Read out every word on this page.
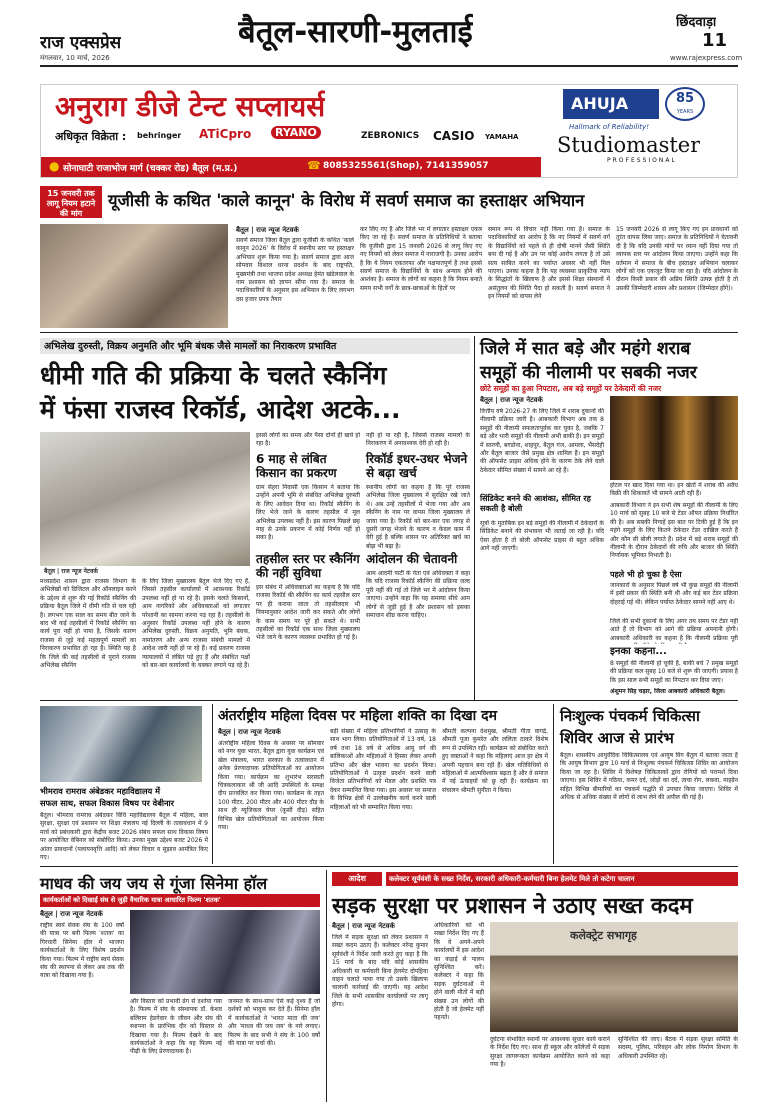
राज एक्सप्रेस
मंगलवार, 10 मार्च, 2026
बैतूल-सारणी-मुलताई	छिंदवाड़ा
11
www.rajexpress.com
अनुराग डीजे टेन्ट सप्लायर्स
अधिकृत विक्रेता : behringer ATiCpro	RYANO	ZEBRONICS CASIO YAMAHA
AHUJA	85
YEARS
Hallmark of Reliability!
Studiomaster
PROFESSIONAL
● सोनाघाटी राजाभोज मार्ग (चक्कर रोड) बैतूल (म.प्र.)	☎ 8085325561(Shop), 7141359057
15 जनवरी तक लागू नियम हटाने की मांग
यूजीसी के कथित 'काले कानून' के विरोध में सवर्ण समाज का हस्ताक्षर अभियान
बैतूल | राज न्यूज नेटवर्क
सवर्ण समाज जिला बैतूल द्वारा यूजीसी के कथित 'काले कानून 2026' के विरोध में स्थानीय स्तर पर हस्ताक्षर अभियान शुरू किया गया है। सवर्ण समाज द्वारा आज सोमवार विशाल धरना प्रदर्शन के बाद राष्ट्रपति, मुख्यमंत्री तथा भाजपा प्रदेश अध्यक्ष हेमंत खंडेलवाल के नाम प्रशासन को ज्ञापन सौंपा गया है। समाज के पदाधिकारियों के अनुसार इस अभियान के लिए लगभग दस हजार प्रपत्र तैयार
कर लिए गए हैं और जिले भर में लगातार हस्ताक्षर एकत्र किए जा रहे हैं। सवर्ण समाज के प्रतिनिधियों ने बताया कि यूजीसी द्वारा 15 जनवरी 2026 से लागू किए गए नए नियमों को लेकर समाज में नाराजगी है। उनका आरोप है कि ये नियम एकतरफा और पक्षपातपूर्ण हैं तथा इससे सवर्ण समाज के विद्यार्थियों के साथ अन्याय होने की आशंका है। समाज के लोगों का कहना है कि नियम बनाते समय सभी वर्गों के छात्र-छात्राओं के हितों पर
समान रूप से विचार नहीं किया गया है। समाज के पदाधिकारियों का आरोप है कि नए नियमों में सवर्ण वर्ग के विद्यार्थियों को पहले से ही दोषी मानने जैसी स्थिति बना दी गई है और उन पर कोई आरोप लगता है तो उसे सत्य साबित करने का पर्याप्त अवसर भी नहीं मिल पाएगा। उनका कहना है कि यह व्यवस्था प्राकृतिक न्याय के सिद्धांतों के खिलाफ है और इससे शिक्षा संस्थानों में असंतुलन की स्थिति पैदा हो सकती है। सवर्ण समाज ने इन नियमों को वापस लेने
15 जनवरी 2026 से लागू किए गए इन प्रावधानों को तुरंत वापस लिया जाए। समाज के प्रतिनिधियों ने चेतावनी दी है कि यदि उनकी मांगों पर ध्यान नहीं दिया गया तो व्यापक स्तर पर आंदोलन किया जाएगा। उन्होंने कहा कि वर्तमान में समाज के बीच हस्ताक्षर अभियान चलाकर लोगों को एक एकजुट किया जा रहा है। यदि आंदोलन के दौरान किसी प्रकार की अप्रिय स्थिति उत्पन्न होती है तो उसकी जिम्मेदारी शासन और प्रशासन (जिम्मेदार होंगे)।
अभिलेख दुरुस्ती, विक्रय अनुमति और भूमि बंधक जैसे मामलों का निराकरण प्रभावित
धीमी गति की प्रक्रिया के चलते स्कैनिंग
में फंसा राजस्व रिकॉर्ड, आदेश अटके...
बैतूल | राज न्यूज नेटवर्क
मध्यप्रदेश शासन द्वारा राजस्व विभाग के अभिलेखों को डिजिटल और ऑनलाइन करने के उद्देश्य से शुरू की गई रिकॉर्ड स्कैनिंग की प्रक्रिया बैतूल जिले में धीमी गति से चल रही है। लगभग एक साल का समय बीत जाने के बाद भी कई तहसीलों में रिकॉर्ड स्कैनिंग का कार्य पूरा नहीं हो पाया है, जिसके कारण राजस्व से जुड़े कई महत्वपूर्ण मामलों का निराकरण प्रभावित हो रहा है। स्थिति यह है कि जिले की कई तहसीलों से पुराने राजस्व अभिलेख स्कैनिंग
के लिए जिला मुख्यालय बैतूल भेजे दिए गए हैं, जिससे तहसील कार्यालयों में आवश्यक रिकॉर्ड उपलब्ध नहीं हो पा रहे हैं। इसके चलते किसानों, आम नागरिकों और अधिवक्ताओं को लगातार परेशानी का सामना करना पड़ रहा है। तहसीलों के अनुसार रिकॉर्ड उपलब्ध नहीं होने के कारण अभिलेख दुरुस्ती, विक्रय अनुमति, भूमि बंधक, नामांतरण और अन्य राजस्व संबंधी मामलों में आदेश जारी नहीं हो पा रहे हैं। कई प्रकरण राजस्व न्यायालयों में लंबित पड़े हुए हैं और संबंधित पक्षों को बार-बार कार्यालयों के चक्कर लगाने पड़ रहे हैं।
इससे लोगों का समय और पैसा दोनों ही खर्च हो रहा है।
6 माह से लंबित किसान का प्रकरण
ग्राम सेहरा निवासी एक किसान ने बताया कि उन्होंने अपनी भूमि से संबंधित अभिलेख दुरुस्ती के लिए आवेदन दिया था। रिकॉर्ड स्कैनिंग के लिए भेजे जाने के कारण तहसील में मूल अभिलेख उपलब्ध नहीं हैं। इस कारण पिछले छह माह से उनके प्रकरण में कोई निर्णय नहीं हो सका है।
तहसील स्तर पर स्कैनिंग की नहीं सुविधा
इस संबंध में अधिवक्ताओं का कहना है कि यदि राजस्व रिकॉर्ड की स्कैनिंग का कार्य तहसील स्तर पर ही कराया जाता तो तहसीलदार भी नियमानुसार आदेश जारी कर सकते और लोगों के काम समय पर पूरे हो सकते थे। सभी तहसीलों का रिकॉर्ड एक साथ जिला मुख्यालय भेजे जाने के कारण व्यवस्था प्रभावित हो गई है।
नहीं हो पा रही है, जिससे राजस्व मामलों के निराकरण में अनावश्यक देरी हो रही है।
रिकॉर्ड इधर-उधर भेजने से बढ़ा खर्च
स्थानीय लोगों का कहना है कि पूरे राजस्व अभिलेख जिला मुख्यालय में सुरक्षित रखे जाते थे। अब उन्हें तहसीलों में भेजा गया और अब स्कैनिंग के नाम पर वापस जिला मुख्यालय ले जाया गया है। रिकॉर्ड को बार-बार एक जगह से दूसरी जगह भेजने के कारण न केवल काम में देरी हुई है बल्कि शासन पर अतिरिक्त खर्च का बोझ भी बढ़ा है।
आंदोलन की चेतावनी
आम आदमी पार्टी के नेता एवं अधिवक्ता ने कहा कि यदि राजस्व रिकॉर्ड स्कैनिंग की प्रक्रिया जल्द पूरी नहीं की गई तो जिले भर में आंदोलन किया जाएगा। उन्होंने कहा कि यह समस्या सीधे आम लोगों से जुड़ी हुई है और प्रशासन को इसका समाधान शीघ्र करना चाहिए।
जिले में सात बड़े और महंगे शराब
समूहों की नीलामी पर सबकी नजर
छोटे समूहों का हुआ निपटारा, अब बड़े समूहों पर ठेकेदारों की नजर
बैतूल | राज न्यूज नेटवर्क
वित्तीय वर्ष 2026-27 के लिए जिले में शराब दुकानों की नीलामी प्रक्रिया जारी है। आबकारी विभाग अब तक 8 समूहों की नीलामी सफलतापूर्वक कर चुका है, जबकि 7 बड़े और भारी समूहों की नीलामी अभी बाकी है। इन समूहों में सारणी, बगडोना, शाहपुर, बैतूल गंज, आमला, भैंसदेही और बैतूल बाजार जैसे प्रमुख क्षेत्र शामिल हैं। इन समूहों की ऑफसेट प्राइस अधिक होने के कारण ठेके लेने वाले ठेकेदार सीमित संख्या में सामने आ रहे हैं।
सिंडिकेट बनने की आशंका, सीमित रह सकती है बोली
सूत्रों के मुताबिक इन बड़े समूहों की नीलामी में ठेकेदारों के सिंडिकेट बनाने की संभावना भी जताई जा रही है। यदि ऐसा होता है तो बोली ऑफसेट प्राइस से बहुत अधिक आगे नहीं जाएगी।
होटल पर खाद दिया गया था। इन खेतों में शराब की अवैध बिक्री की शिकायतें भी सामने आती रही हैं।
आबकारी विभाग ने इन सभी शेष समूहों की नीलामी के लिए 10 मार्च को सुबह 10 बजे से टेंडर ऑफर प्रक्रिया निर्धारित की है। अब सबकी निगाहें इस बात पर टिकी हुई हैं कि इन महंगे समूहों के लिए कितने ठेकेदार टेंडर दाखिल करते हैं और कौन सी बोली लगाते हैं। प्रदेश में बड़े शराब समूहों की नीलामी के दौरान ठेकेदारों की रुचि और बाजार की स्थिति निर्णायक भूमिका निभाती है।
पहले भी हो चुका है ऐसा
जानकारों के अनुसार पिछले वर्ष भी कुछ समूहों की नीलामी में इसी प्रकार की स्थिति बनी थी और कई बार टेंडर प्रक्रिया दोहराई गई थी। लेकिन पर्याप्त ठेकेदार सामने नहीं आए थे।
जिले की सभी दुकानों के लिए अगर तय समय पर टेंडर नहीं आते हैं तो विभाग को आगे की प्रक्रिया अपनानी होगी। आबकारी अधिकारी का कहना है कि नीलामी प्रक्रिया पूरी
इनका कहना...
8 समूहों की नीलामी हो चुकी है, बाकी बचे 7 प्रमुख समूहों की प्रक्रिया कल सुबह 10 बजे से शुरू की जाएगी। प्रयास है कि इस साल सभी समूहों का निपटान कर दिया जाए।
अंशुमन सिंह चढ़ार, जिला आबकारी अधिकारी बैतूल।
भीमराव रामराव अंबेडकर महाविद्यालय में
सफल साथ, सफल विकास विषय पर वेबीनार
बैतूल। भीमराव रामराव अंबेडकर विधि महाविद्यालय बैतूल में महिला, बाल सुरक्षा, सुरक्षा एवं प्रशासन पर शिक्षा मंत्रालय नई दिल्ली के तत्वावधान में 9 मार्च को प्रबंधकारी द्वारा केंद्रीय बजट 2026 संबंध सफल साथ विकास विषय पर आयोजित वेबिनार को संबोधित किया। उनका मुख्य उद्देश्य बजट 2026 में आंतर प्रावधानों (पलायनवृत्ति आदि) को लेकर विचार व सुझाव आमंत्रित किए गए।
अंतर्राष्ट्रीय महिला दिवस पर महिला शक्ति का दिखा दम
बैतूल | राज न्यूज नेटवर्क
अंतर्राष्ट्रीय महिला दिवस के अवसर पर सोमवार को नगर युवा भारत, बैतूल द्वारा युवा कार्यक्रम एवं खेल मंत्रालय, भारत सरकार के तत्वावधान में अनेक प्रेरणादायक प्रतियोगिताओं का आयोजन किया गया। कार्यक्रम का शुभारंभ सरस्वती चित्रकलाकार श्री जी आदि उपस्थितों के समक्ष दीप प्रज्वलित कर किया गया। कार्यक्रम के तहत 100 मीटर, 200 मीटर और 400 मीटर दौड़ के साथ ही म्यूजिकल चेयर (कुर्सी दौड़) सहित विभिन्न खेल प्रतियोगिताओं का आयोजन किया गया।
बड़ी संख्या में महिला प्रतिभागियों ने उत्साह के साथ भाग लिया। प्रतियोगिताओं में 13 वर्ष, 18 वर्ष तथा 18 वर्ष से अधिक आयु वर्ग की बालिकाओं और महिलाओं ने हिस्सा लेकर अपनी प्रतिभा और खेल भावना का प्रदर्शन किया। प्रतियोगिताओं में उत्कृष्ट प्रदर्शन करने वाली विजेता प्रतिभागियों को मेडल और प्रशस्ति पत्र देकर सम्मानित किया गया। इस अवसर पर समाज के विभिन्न क्षेत्रों में उल्लेखनीय कार्य करने वाली महिलाओं को भी सम्मानित किया गया।
श्रीमती कल्पना देशमुख, श्रीमती गीता वागद्रे, श्रीमती पूजा कुमरेत और ललिता ठाकरे विशेष रूप से उपस्थित रहीं। कार्यक्रम को संबोधित करते हुए वक्ताओं ने कहा कि महिलाएं आज हर क्षेत्र में अपनी पहचान बना रही हैं। खेल गतिविधियों से महिलाओं में आत्मविश्वास बढ़ता है और वे समाज में नई ऊंचाइयों को छू रही हैं। कार्यक्रम का संचालन श्रीमती सुनीता ने किया।
निःशुल्क पंचकर्म चिकित्सा
शिविर आज से प्रारंभ
बैतूल। शासकीय आयुर्वेदिक चिकित्सालय एवं आयुष विंग बैतूल में बताया जाता है कि आयुष विभाग द्वारा 10 मार्च से निःशुल्क पंचकर्म चिकित्सा शिविर का आयोजन किया जा रहा है। शिविर में विशेषज्ञ चिकित्सकों द्वारा रोगियों को परामर्श दिया जाएगा। इस शिविर में गठिया, कमर दर्द, जोड़ों का दर्द, त्वचा रोग, लकवा, माइग्रेन सहित विभिन्न बीमारियों का पंचकर्म पद्धति से उपचार किया जाएगा। शिविर में अधिक से अधिक संख्या में लोगों से लाभ लेने की अपील की गई है।
माधव की जय जय से गूंजा सिनेमा हॉल
कार्यकर्ताओं को दिखाई संघ से जुड़ी वैचारिक यात्रा आधारित फिल्म 'शतक'
बैतूल | राज न्यूज नेटवर्क
राष्ट्रीय स्वयं सेवक संघ के 100 वर्षों की यात्रा पर बनी फिल्म 'शतक' का गिरधारी सिनेमा हॉल में भाजपा कार्यकर्ताओं के लिए विशेष प्रदर्शन किया गया। फिल्म में राष्ट्रीय स्वयं सेवक संघ की स्थापना से लेकर अब तक की यात्रा को दिखाया गया है।
और विस्तार को प्रभावी ढंग से दर्शाया गया है। फिल्म में संघ के संस्थापक डॉ. केशव बलिराम हेडगेवार के जीवन और संघ की स्थापना के प्रारंभिक दौर को विस्तार से दिखाया गया है। फिल्म देखने के बाद कार्यकर्ताओं ने कहा कि यह फिल्म नई पीढ़ी के लिए प्रेरणादायक है।
जनमत के साथ-साथ ऐसे कई दृश्य हैं जो दर्शकों को भावुक कर देते हैं। सिनेमा हॉल में कार्यकर्ताओं ने 'भारत माता की जय' और 'माधव की जय जय' के नारे लगाए। फिल्म के बाद सभी ने संघ के 100 वर्षों की यात्रा पर चर्चा की।
आदेश	कलेक्टर सूर्यवंशी के सख्त निर्देश, सरकारी अधिकारी-कर्मचारी बिना हेलमेट मिले तो कटेगा चालान
सड़क सुरक्षा पर प्रशासन ने उठाए सख्त कदम
बैतूल | राज न्यूज नेटवर्क
जिले में सड़क सुरक्षा को लेकर प्रशासन ने सख्त कदम उठाए हैं। कलेक्टर नरेन्द्र कुमार सूर्यवंशी ने निर्देश जारी करते हुए कहा है कि 15 मार्च के बाद यदि कोई शासकीय अधिकारी या कर्मचारी बिना हेलमेट दोपहिया वाहन चलाते पाया गया तो उसके खिलाफ चालानी कार्रवाई की जाएगी। यह आदेश जिले के सभी शासकीय कार्यालयों पर लागू होगा।
अधिकारियों को भी सख्त निर्देश दिए गए हैं कि वे अपने-अपने कार्यालयों में इस आदेश का कड़ाई से पालन सुनिश्चित करें। कलेक्टर ने कहा कि सड़क दुर्घटनाओं में होने वाली मौतों में बड़ी संख्या उन लोगों की होती है जो हेलमेट नहीं पहनते।
कलेक्ट्रेट सभागृह
दुर्घटना संभावित स्थानों पर आवश्यक सुधार कार्य कराने के निर्देश दिए गए। साथ ही स्कूल और कॉलेजों में सड़क सुरक्षा जागरूकता कार्यक्रम आयोजित करने को कहा गया है।
सुनिश्चित की जाए। बैठक में सड़क सुरक्षा समिति के सदस्य, पुलिस, परिवहन और लोक निर्माण विभाग के अधिकारी उपस्थित रहे।
